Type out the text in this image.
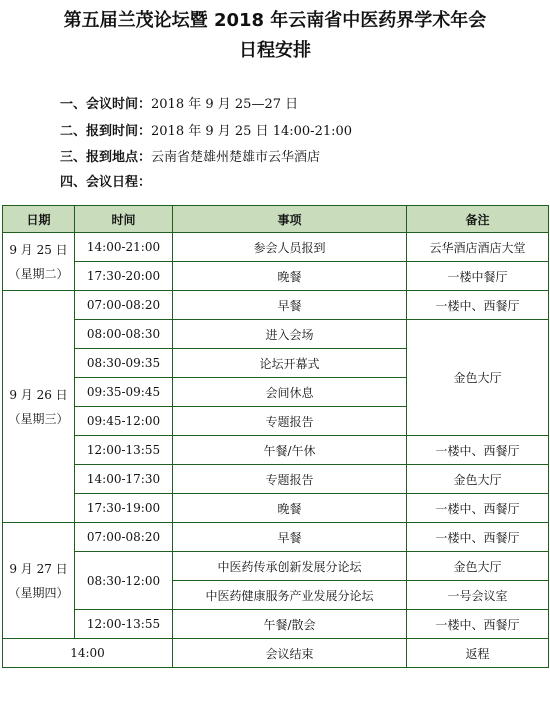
第五届兰茂论坛暨 2018 年云南省中医药界学术年会
日程安排
一、会议时间：2018 年 9 月 25—27 日
二、报到时间：2018 年 9 月 25 日 14:00-21:00
三、报到地点：云南省楚雄州楚雄市云华酒店
四、会议日程：
日期	时间	事项	备注

9 月 25 日
（星期二）	14:00-21:00	参会人员报到	云华酒店酒店大堂
	17:30-20:00	晚餐	一楼中餐厅

9 月 26 日
（星期三）	07:00-08:20	早餐	一楼中、西餐厅
	08:00-08:30	进入会场	金色大厅
	08:30-09:35	论坛开幕式	
	09:35-09:45	会间休息	
	09:45-12:00	专题报告	
	12:00-13:55	午餐/午休	一楼中、西餐厅
	14:00-17:30	专题报告	金色大厅
	17:30-19:00	晚餐	一楼中、西餐厅

9 月 27 日
（星期四）	07:00-08:20	早餐	一楼中、西餐厅
	08:30-12:00	中医药传承创新发展分论坛	金色大厅
		中医药健康服务产业发展分论坛	一号会议室
	12:00-13:55	午餐/散会	一楼中、西餐厅
14:00		会议结束	返程
